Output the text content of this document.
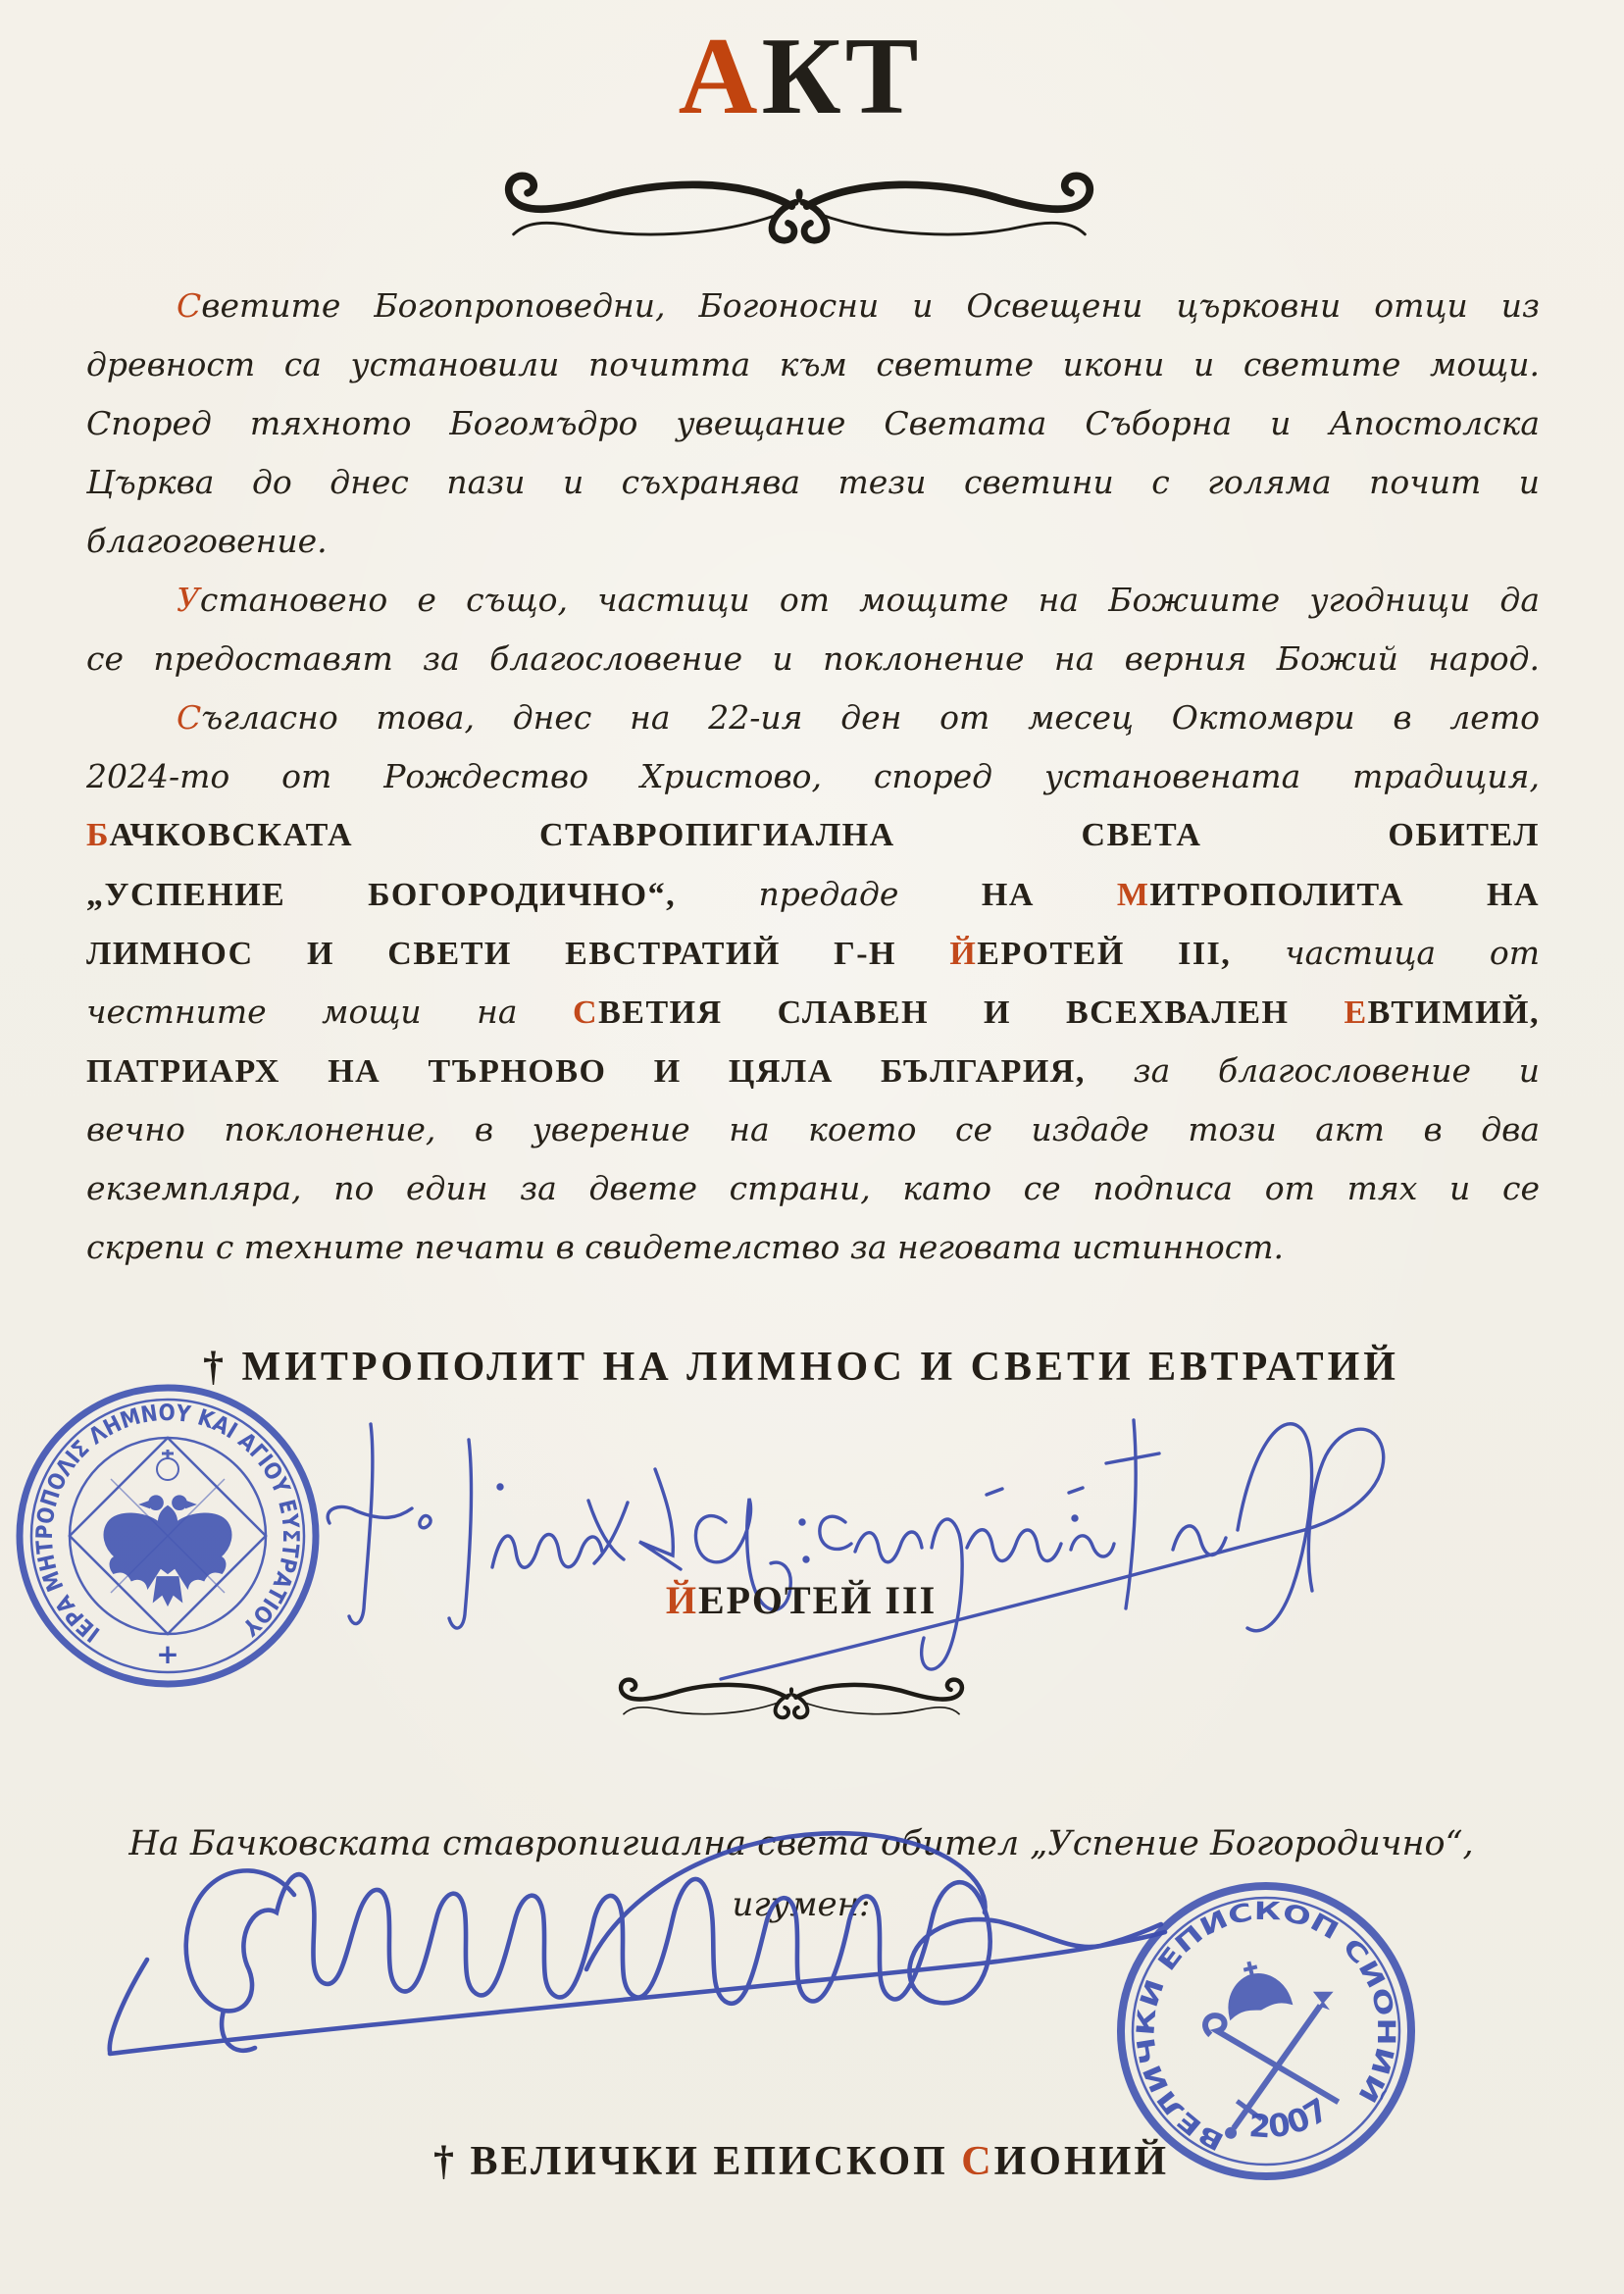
АКТ
Светите Богопроповедни, Богоносни и Освещени църковни отци из
древност са установили почитта към светите икони и светите мощи.
Според тяхното Богомъдро увещание Светата Съборна и Апостолска
Църква до днес пази и съхранява тези светини с голяма почит и
благоговение.
Установено е също, частици от мощите на Божиите угодници да
се предоставят за благословение и поклонение на верния Божий народ.
Съгласно това, днес на 22-ия ден от месец Октомври в лето
2024-то от Рождество Христово, според установената традиция,
БАЧКОВСКАТА СТАВРОПИГИАЛНА СВЕТА ОБИТЕЛ
„УСПЕНИЕ БОГОРОДИЧНО“, предаде НА МИТРОПОЛИТА НА
ЛИМНОС И СВЕТИ ЕВСТРАТИЙ Г-Н ЙЕРОТЕЙ III, частица от
честните мощи на СВЕТИЯ СЛАВЕН И ВСЕХВАЛЕН ЕВТИМИЙ,
ПАТРИАРХ НА ТЪРНОВО И ЦЯЛА БЪЛГАРИЯ, за благословение и
вечно поклонение, в уверение на което се издаде този акт в два
екземпляра, по един за двете страни, като се подписа от тях и се
скрепи с техните печати в свидетелство за неговата истинност.
† МИТРОПОЛИТ НА ЛИМНОС И СВЕТИ ЕВТРАТИЙ
ΙΕΡΑ ΜΗΤΡΟΠΟΛΙΣ ΛΗΜΝΟΥ ΚΑΙ ΑΓΙΟΥ ΕΥΣΤΡΑΤΙΟΥ
+
ЙЕРОТЕЙ III
На Бачковската ставропигиална света обител „Успение Богородично“,
игумен:
ВЕЛИЧКИ ЕПИСКОП СИОНИЙ
2007
† ВЕЛИЧКИ ЕПИСКОП СИОНИЙ
